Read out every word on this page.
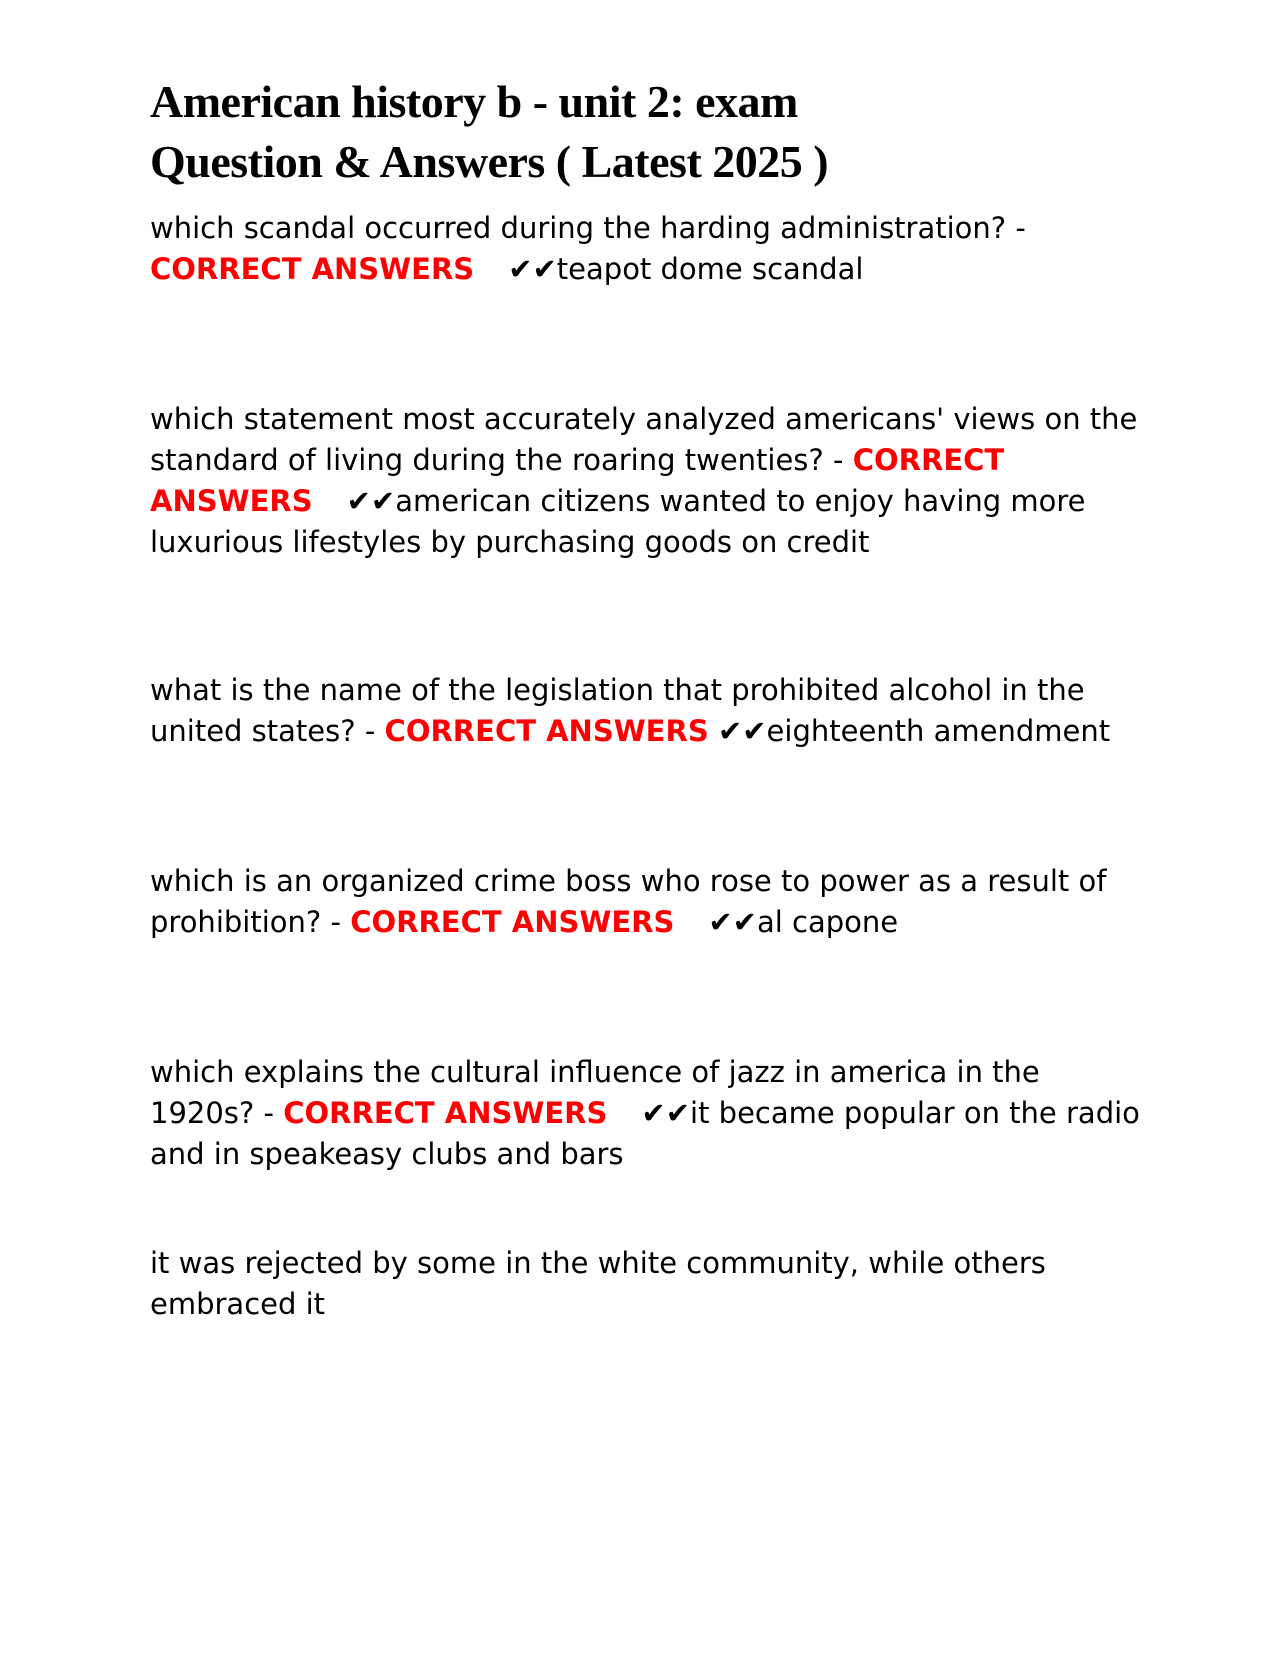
American history b - unit 2: exam
Question & Answers ( Latest 2025 )
which scandal occurred during the harding administration? - CORRECT ANSWERS ✔✔teapot dome scandal
which statement most accurately analyzed americans' views on the standard of living during the roaring twenties? - CORRECT ANSWERS ✔✔american citizens wanted to enjoy having more luxurious lifestyles by purchasing goods on credit
what is the name of the legislation that prohibited alcohol in the united states? - CORRECT ANSWERS ✔✔eighteenth amendment
which is an organized crime boss who rose to power as a result of prohibition? - CORRECT ANSWERS ✔✔al capone
which explains the cultural influence of jazz in america in the 1920s? - CORRECT ANSWERS ✔✔it became popular on the radio and in speakeasy clubs and bars
it was rejected by some in the white community, while others embraced it
